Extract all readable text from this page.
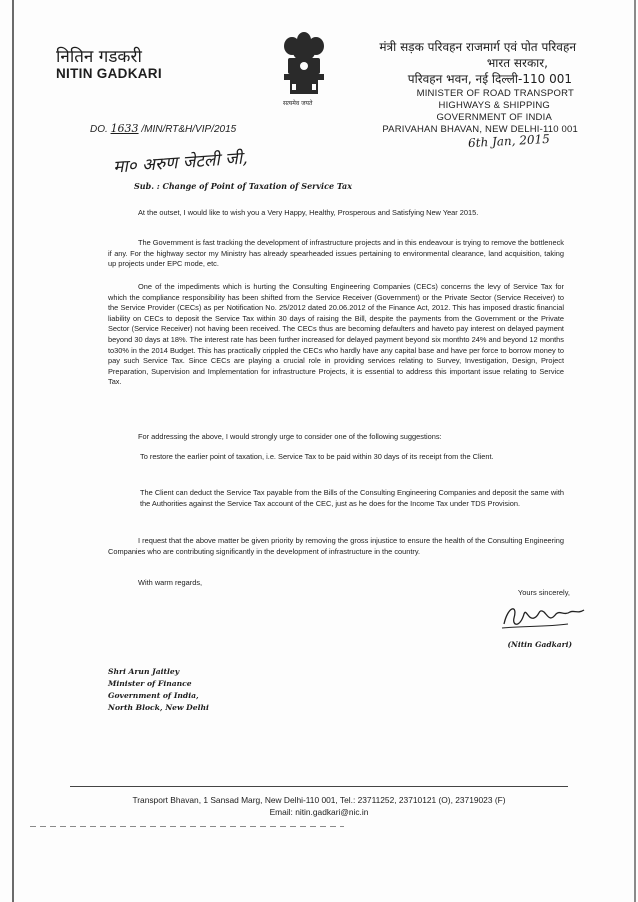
नितिन गडकरी
NITIN GADKARI
सत्यमेव जयते
मंत्री सड़क परिवहन राजमार्ग एवं पोत परिवहन
भारत सरकार,
परिवहन भवन, नई दिल्ली-110 001
MINISTER OF ROAD TRANSPORT
HIGHWAYS & SHIPPING
GOVERNMENT OF INDIA
PARIVAHAN BHAVAN, NEW DELHI-110 001
DO. 1633 /MIN/RT&H/VIP/2015
6th Jan, 2015
मा० अरुण जेटली जी,
Sub. : Change of Point of Taxation of Service Tax

At the outset, I would like to wish you a Very Happy, Healthy, Prosperous and Satisfying New Year 2015.

The Government is fast tracking the development of infrastructure projects and in this endeavour is trying to remove the bottleneck if any. For the highway sector my Ministry has already spearheaded issues pertaining to environmental clearance, land acquisition, taking up projects under EPC mode, etc.

One of the impediments which is hurting the Consulting Engineering Companies (CECs) concerns the levy of Service Tax for which the compliance responsibility has been shifted from the Service Receiver (Government) or the Private Sector (Service Receiver) to the Service Provider (CECs) as per Notification No. 25/2012 dated 20.06.2012 of the Finance Act, 2012. This has imposed drastic financial liability on CECs to deposit the Service Tax within 30 days of raising the Bill, despite the payments from the Government or the Private Sector (Service Receiver) not having been received. The CECs thus are becoming defaulters and haveto pay interest on delayed payment beyond 30 days at 18%. The interest rate has been further increased for delayed payment beyond six monthto 24% and beyond 12 months to30% in the 2014 Budget. This has practically crippled the CECs who hardly have any capital base and have per force to borrow money to pay such Service Tax. Since CECs are playing a crucial role in providing services relating to Survey, Investigation, Design, Project Preparation, Supervision and Implementation for infrastructure Projects, it is essential to address this important issue relating to Service Tax.

For addressing the above, I would strongly urge to consider one of the following suggestions:

To restore the earlier point of taxation, i.e. Service Tax to be paid within 30 days of its receipt from the Client.

The Client can deduct the Service Tax payable from the Bills of the Consulting Engineering Companies and deposit the same with the Authorities against the Service Tax account of the CEC, just as he does for the Income Tax under TDS Provision.

I request that the above matter be given priority by removing the gross injustice to ensure the health of the Consulting Engineering Companies who are contributing significantly in the development of infrastructure in the country.

With warm regards,

Yours sincerely,
(Nitin Gadkari)
Shri Arun Jaitley
Minister of Finance
Government of India,
North Block, New Delhi
Transport Bhavan, 1 Sansad Marg, New Delhi-110 001, Tel.: 23711252, 23710121 (O), 23719023 (F)
Email: nitin.gadkari@nic.in
